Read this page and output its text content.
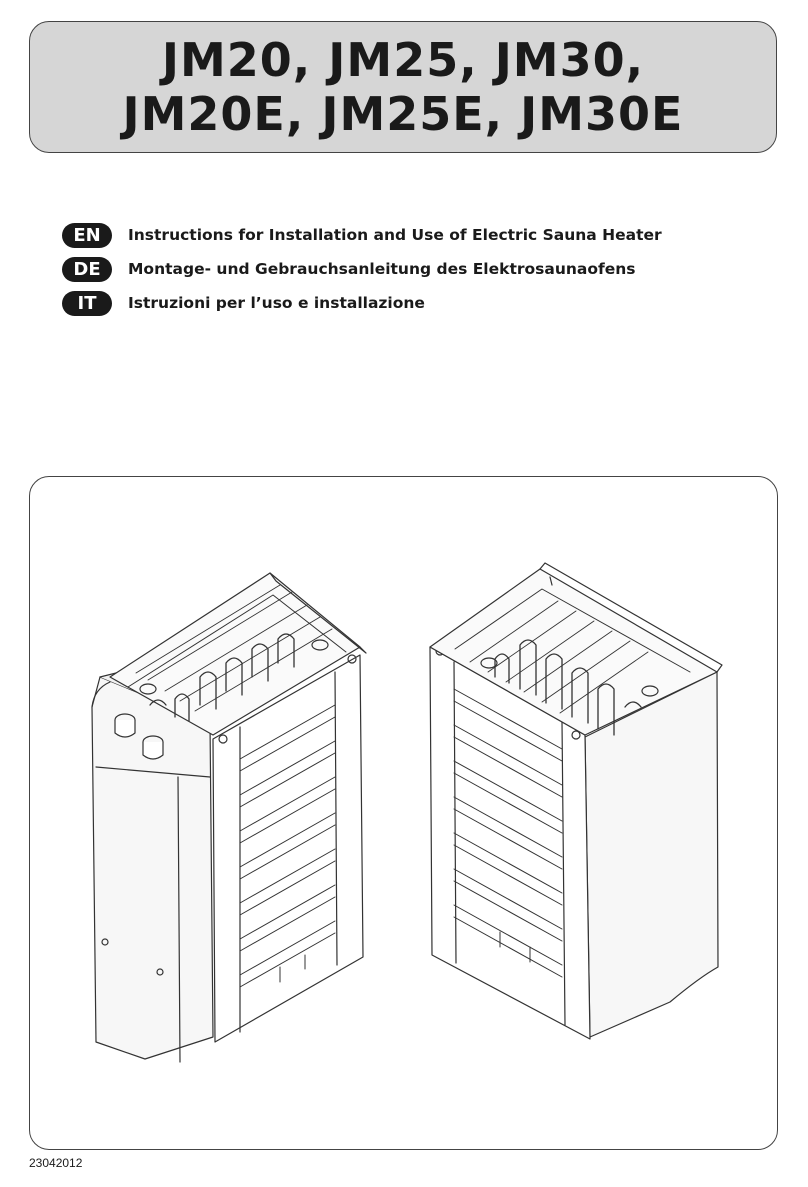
JM20, JM25, JM30,
JM20E, JM25E, JM30E
EN	Instructions for Installation and Use of Electric Sauna Heater
DE	Montage- und Gebrauchsanleitung des Elektrosaunaofens
IT	Istruzioni per l’uso e installazione
23042012
